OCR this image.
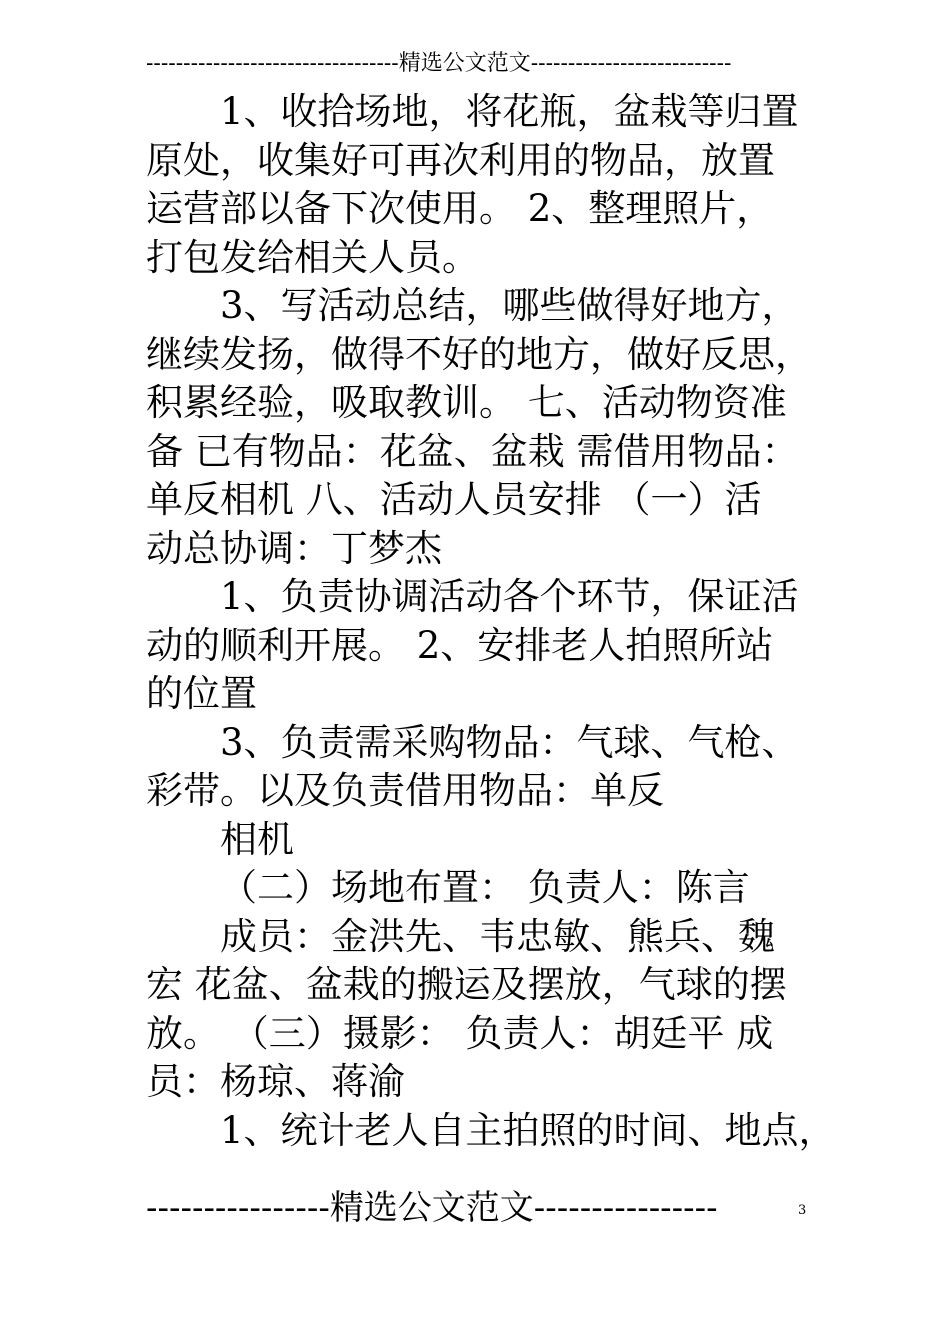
----------------------------------精选公文范文---------------------------
1、收拾场地，将花瓶，盆栽等归置
原处，收集好可再次利用的物品，放置
运营部以备下次使用。 2、整理照片，
打包发给相关人员。
3、写活动总结，哪些做得好地方，
继续发扬，做得不好的地方，做好反思，
积累经验，吸取教训。 七、活动物资准
备 已有物品：花盆、盆栽 需借用物品：
单反相机 八、活动人员安排 （一）活
动总协调：丁梦杰
1、负责协调活动各个环节，保证活
动的顺利开展。 2、安排老人拍照所站
的位置
3、负责需采购物品：气球、气枪、
彩带。以及负责借用物品：单反
相机
（二）场地布置： 负责人：陈言
成员：金洪先、韦忠敏、熊兵、魏
宏 花盆、盆栽的搬运及摆放，气球的摆
放。 （三）摄影： 负责人：胡廷平 成
员：杨琼、蒋渝
1、统计老人自主拍照的时间、地点，
----------------精选公文范文----------------	3
